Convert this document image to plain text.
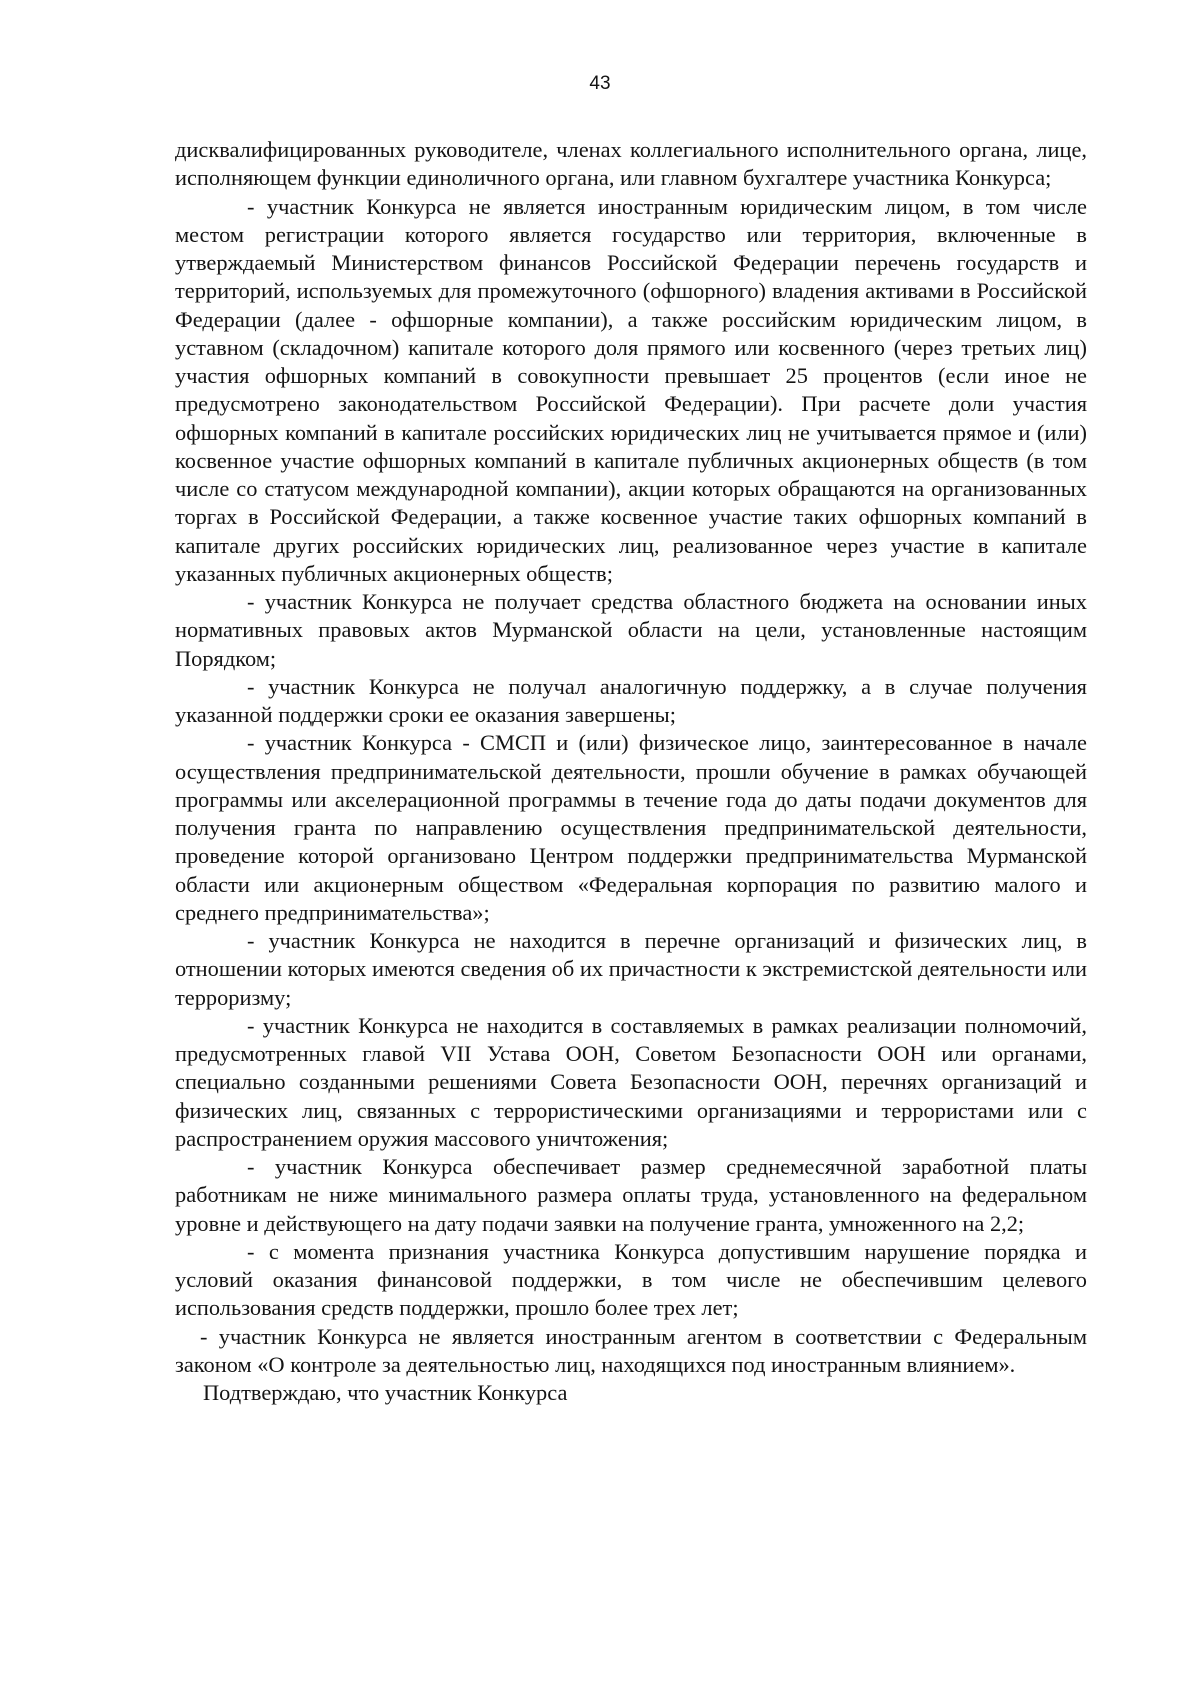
43

дисквалифицированных руководителе, членах коллегиального исполнительного органа, лице, исполняющем функции единоличного органа, или главном бухгалтере участника Конкурса;

- участник Конкурса не является иностранным юридическим лицом, в том числе местом регистрации которого является государство или территория, включенные в утверждаемый Министерством финансов Российской Федерации перечень государств и территорий, используемых для промежуточного (офшорного) владения активами в Российской Федерации (далее - офшорные компании), а также российским юридическим лицом, в уставном (складочном) капитале которого доля прямого или косвенного (через третьих лиц) участия офшорных компаний в совокупности превышает 25 процентов (если иное не предусмотрено законодательством Российской Федерации). При расчете доли участия офшорных компаний в капитале российских юридических лиц не учитывается прямое и (или) косвенное участие офшорных компаний в капитале публичных акционерных обществ (в том числе со статусом международной компании), акции которых обращаются на организованных торгах в Российской Федерации, а также косвенное участие таких офшорных компаний в капитале других российских юридических лиц, реализованное через участие в капитале указанных публичных акционерных обществ;

- участник Конкурса не получает средства областного бюджета на основании иных нормативных правовых актов Мурманской области на цели, установленные настоящим Порядком;

- участник Конкурса не получал аналогичную поддержку, а в случае получения указанной поддержки сроки ее оказания завершены;

- участник Конкурса - СМСП и (или) физическое лицо, заинтересованное в начале осуществления предпринимательской деятельности, прошли обучение в рамках обучающей программы или акселерационной программы в течение года до даты подачи документов для получения гранта по направлению осуществления предпринимательской деятельности, проведение которой организовано Центром поддержки предпринимательства Мурманской области или акционерным обществом «Федеральная корпорация по развитию малого и среднего предпринимательства»;

- участник Конкурса не находится в перечне организаций и физических лиц, в отношении которых имеются сведения об их причастности к экстремистской деятельности или терроризму;

- участник Конкурса не находится в составляемых в рамках реализации полномочий, предусмотренных главой VII Устава ООН, Советом Безопасности ООН или органами, специально созданными решениями Совета Безопасности ООН, перечнях организаций и физических лиц, связанных с террористическими организациями и террористами или с распространением оружия массового уничтожения;

- участник Конкурса обеспечивает размер среднемесячной заработной платы работникам не ниже минимального размера оплаты труда, установленного на федеральном уровне и действующего на дату подачи заявки на получение гранта, умноженного на 2,2;

- с момента признания участника Конкурса допустившим нарушение порядка и условий оказания финансовой поддержки, в том числе не обеспечившим целевого использования средств поддержки, прошло более трех лет;

- участник Конкурса не является иностранным агентом в соответствии с Федеральным законом «О контроле за деятельностью лиц, находящихся под иностранным влиянием».

Подтверждаю, что участник Конкурса
